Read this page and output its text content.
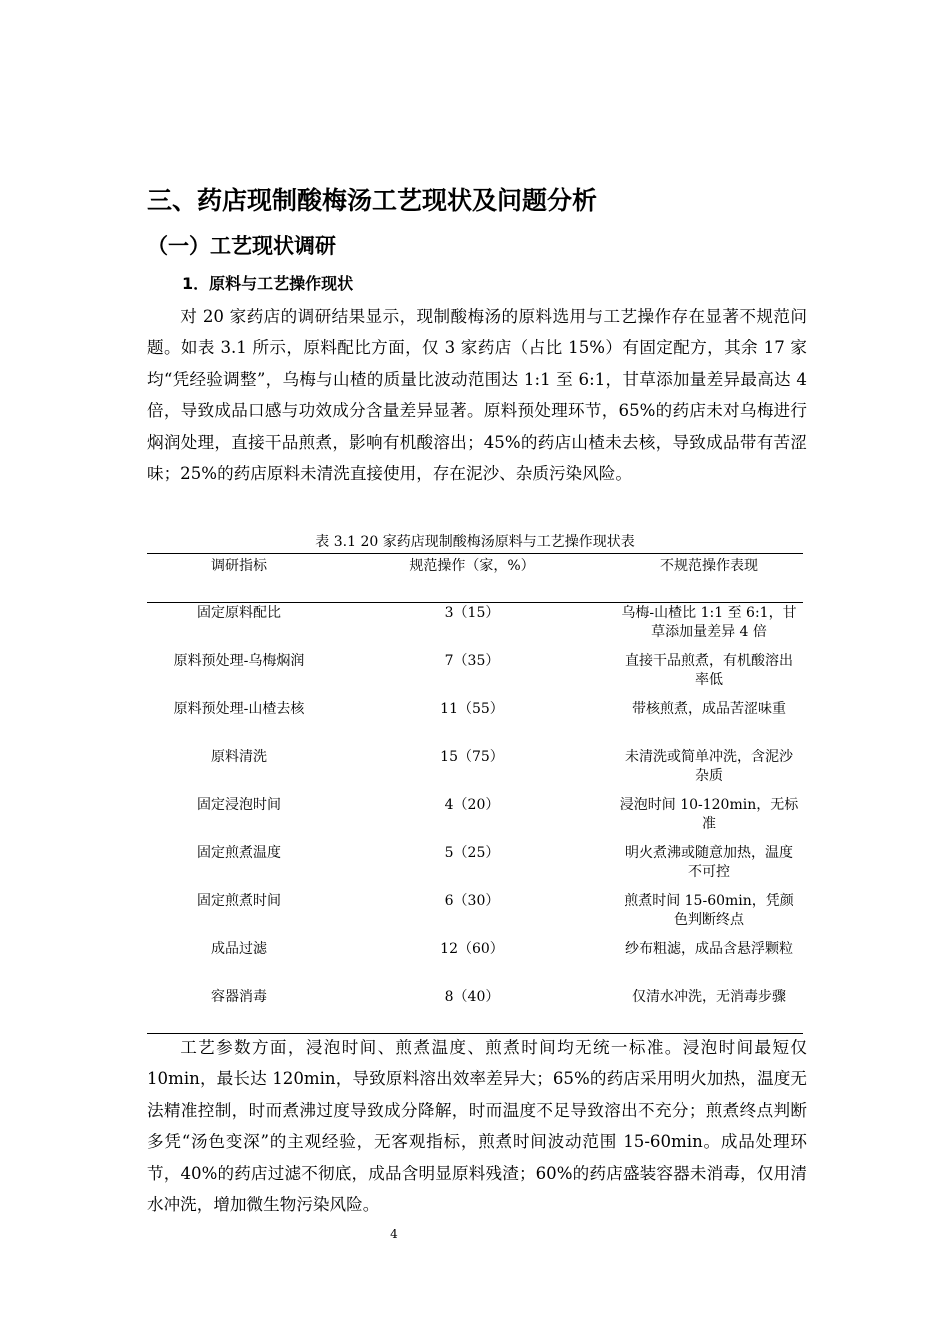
三、药店现制酸梅汤工艺现状及问题分析
（一）工艺现状调研
1．原料与工艺操作现状

对 20 家药店的调研结果显示，现制酸梅汤的原料选用与工艺操作存在显著不规范问题。如表 3.1 所示，原料配比方面，仅 3 家药店（占比 15%）有固定配方，其余 17 家均“凭经验调整”，乌梅与山楂的质量比波动范围达 1:1 至 6:1，甘草添加量差异最高达 4 倍，导致成品口感与功效成分含量差异显著。原料预处理环节，65%的药店未对乌梅进行焖润处理，直接干品煎煮，影响有机酸溶出；45%的药店山楂未去核，导致成品带有苦涩味；25%的药店原料未清洗直接使用，存在泥沙、杂质污染风险。

表 3.1 20 家药店现制酸梅汤原料与工艺操作现状表
调研指标	规范操作（家，%）	不规范操作表现
固定原料配比	3（15）	乌梅-山楂比 1:1 至 6:1，甘草添加量差异 4 倍
原料预处理-乌梅焖润	7（35）	直接干品煎煮，有机酸溶出率低
原料预处理-山楂去核	11（55）	带核煎煮，成品苦涩味重
原料清洗	15（75）	未清洗或简单冲洗，含泥沙杂质
固定浸泡时间	4（20）	浸泡时间 10-120min，无标准
固定煎煮温度	5（25）	明火煮沸或随意加热，温度不可控
固定煎煮时间	6（30）	煎煮时间 15-60min，凭颜色判断终点
成品过滤	12（60）	纱布粗滤，成品含悬浮颗粒
容器消毒	8（40）	仅清水冲洗，无消毒步骤

工艺参数方面，浸泡时间、煎煮温度、煎煮时间均无统一标准。浸泡时间最短仅 10min，最长达 120min，导致原料溶出效率差异大；65%的药店采用明火加热，温度无法精准控制，时而煮沸过度导致成分降解，时而温度不足导致溶出不充分；煎煮终点判断多凭“汤色变深”的主观经验，无客观指标，煎煮时间波动范围 15-60min。成品处理环节，40%的药店过滤不彻底，成品含明显原料残渣；60%的药店盛装容器未消毒，仅用清水冲洗，增加微生物污染风险。

4
